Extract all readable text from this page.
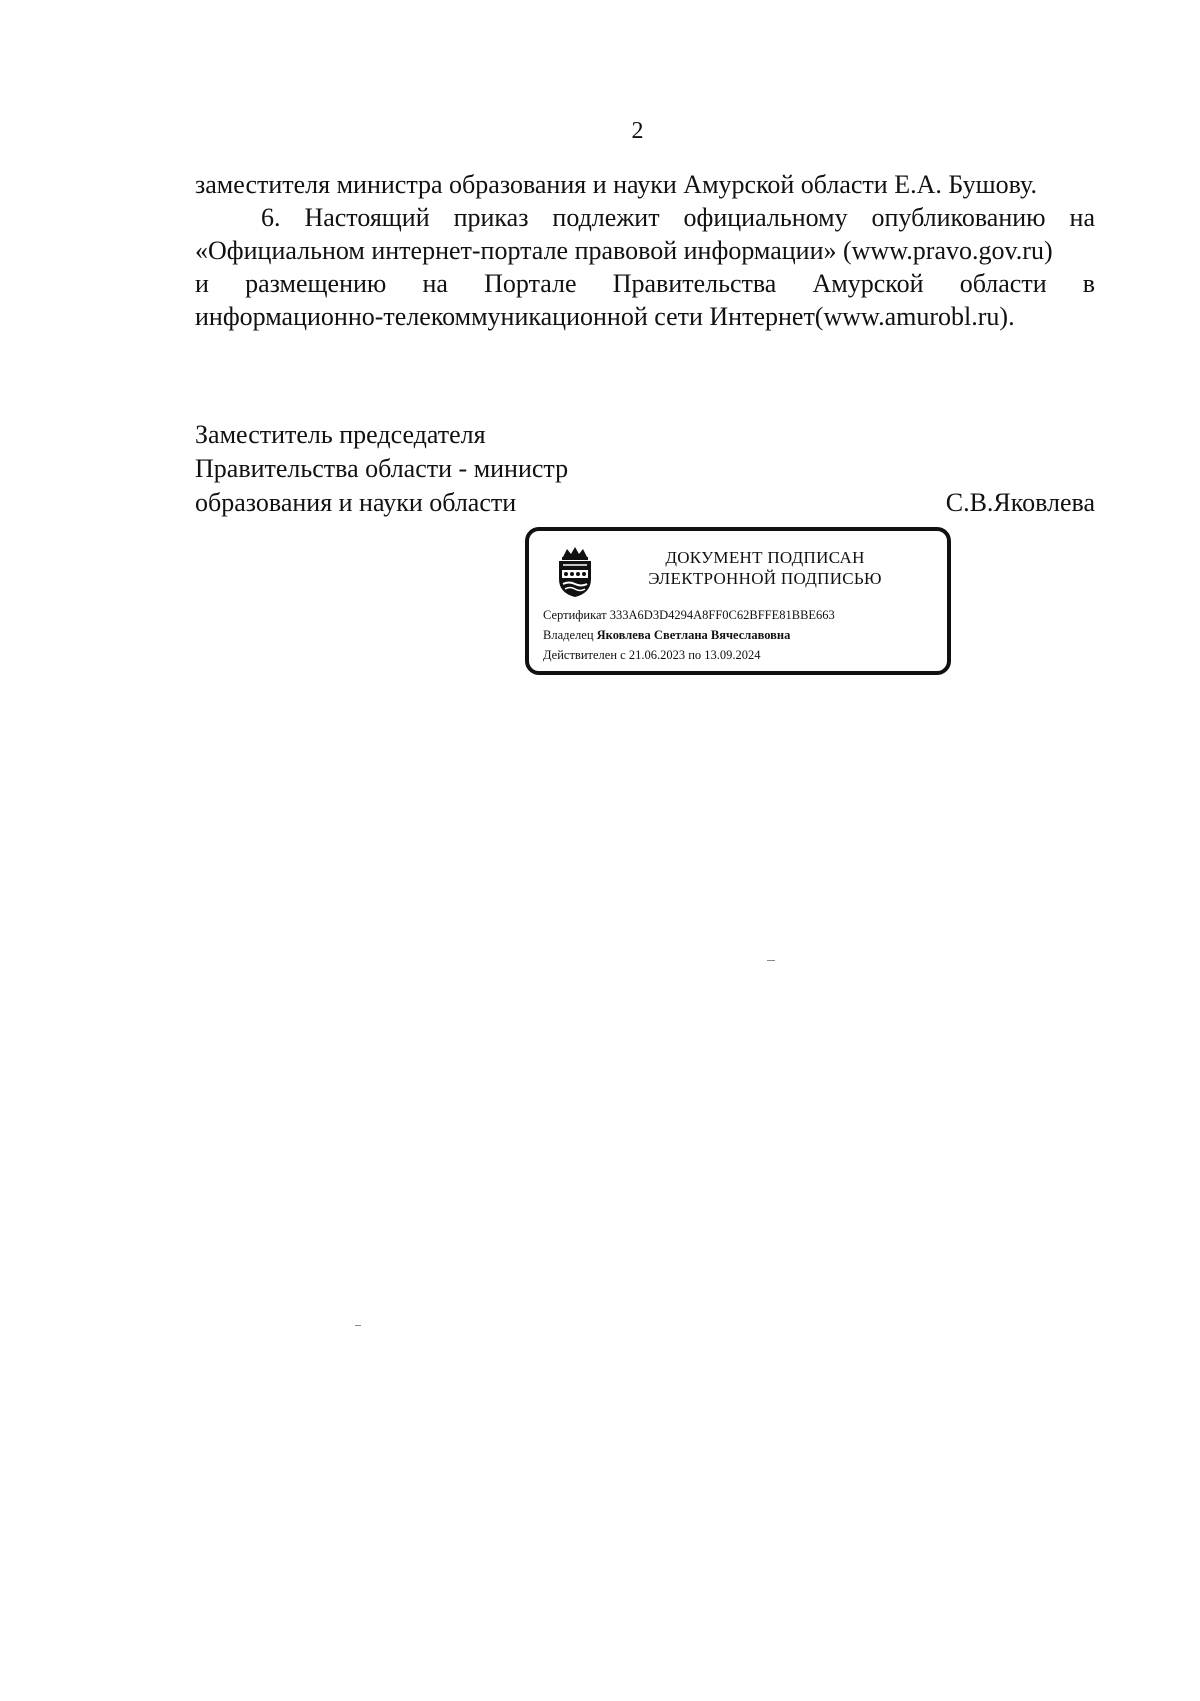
2

заместителя министра образования и науки Амурской области Е.А. Бушову.

6. Настоящий приказ подлежит официальному опубликованию на «Официальном интернет-портале правовой информации» (www.pravo.gov.ru)

и размещению на Портале Правительства Амурской области в

информационно-телекоммуникационной сети Интернет(www.amurobl.ru).

Заместитель председателя
Правительства области - министр
образования и науки области	С.В.Яковлева
ДОКУМЕНТ ПОДПИСАН
ЭЛЕКТРОННОЙ ПОДПИСЬЮ
Сертификат 333A6D3D4294A8FF0C62BFFE81BBE663
Владелец Яковлева Светлана Вячеславовна
Действителен с 21.06.2023 по 13.09.2024
